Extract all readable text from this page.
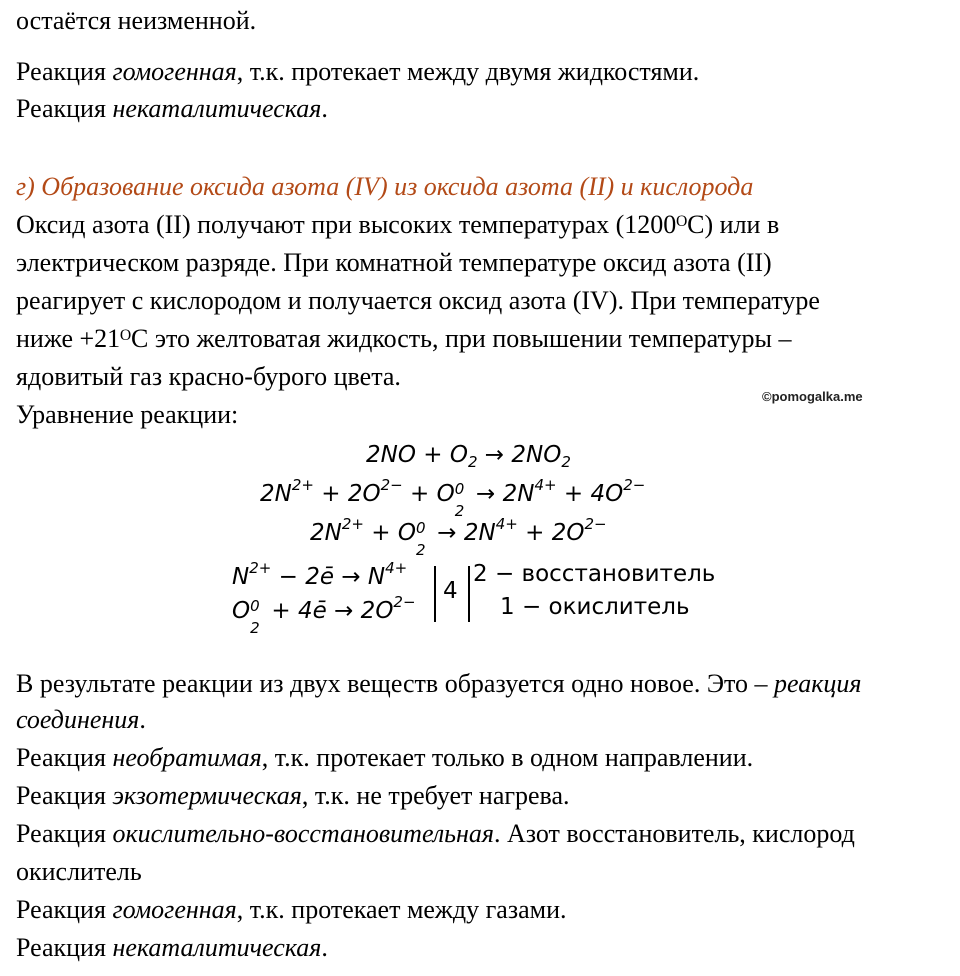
остаётся неизменной.
Реакция гомогенная, т.к. протекает между двумя жидкостями.
Реакция некаталитическая.
г) Образование оксида азота (IV) из оксида азота (II) и кислорода
Оксид азота (II) получают при высоких температурах (1200ᴼС) или в
электрическом разряде. При комнатной температуре оксид азота (II)
реагирует с кислородом и получается оксид азота (IV). При температуре
ниже +21ᴼС это желтоватая жидкость, при повышении температуры –
ядовитый газ красно-бурого цвета.
Уравнение реакции:
©pomogalka.me
$2NO + O_2 \to 2NO_2$
$2N^{2+} + 2O^{2-} + O$ 0
2
→ $2N^{4+} + 4O^{2-}$
$2N^{2+} + O$ 0
2
→ $2N^{4+} + 2O^{2-}$
$N^{2+}$ − 2ē → $N^{4+}$
O 0
2
+ 4ē → $2O^{2-}$ 4
2 − восстановитель
1 − окислитель
В результате реакции из двух веществ образуется одно новое. Это – реакция
соединения.
Реакция необратимая, т.к. протекает только в одном направлении.
Реакция экзотермическая, т.к. не требует нагрева.
Реакция окислительно-восстановительная. Азот восстановитель, кислород
окислитель
Реакция гомогенная, т.к. протекает между газами.
Реакция некаталитическая.
